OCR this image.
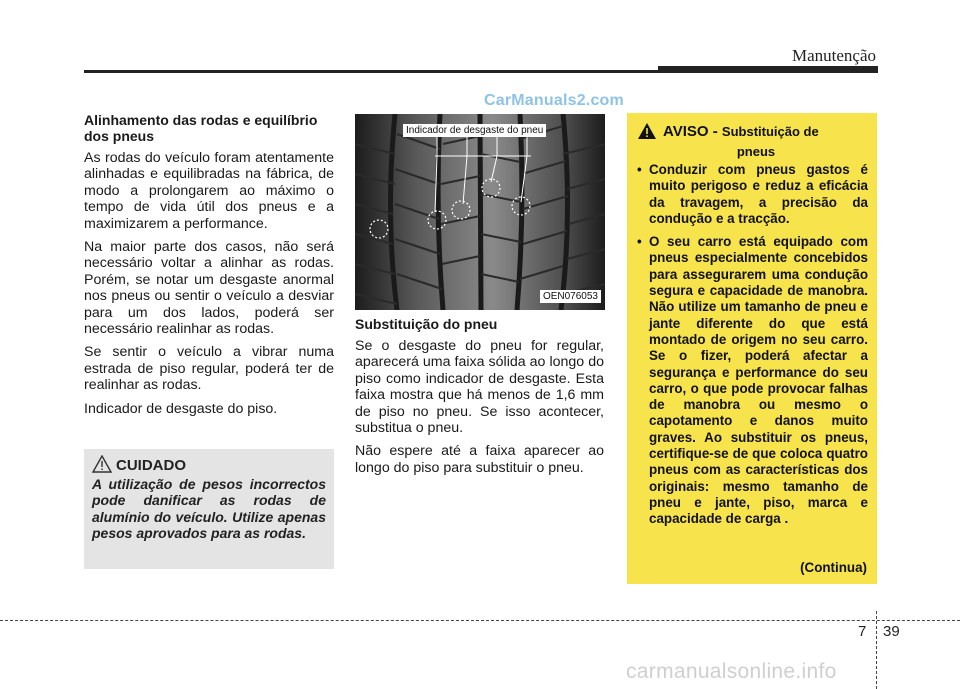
Manutenção
CarManuals2.com
Alinhamento das rodas e equilíbrio dos pneus

As rodas do veículo foram atentamente alinhadas e equilibradas na fábrica, de modo a prolongarem ao máximo o tempo de vida útil dos pneus e a maximizarem a performance.

Na maior parte dos casos, não será necessário voltar a alinhar as rodas. Porém, se notar um desgaste anormal nos pneus ou sentir o veículo a desviar para um dos lados, poderá ser necessário realinhar as rodas.

Se sentir o veículo a vibrar numa estrada de piso regular, poderá ter de realinhar as rodas.

Indicador de desgaste do piso.

CUIDADO
A utilização de pesos incorrectos pode danificar as rodas de alumínio do veículo. Utilize apenas pesos aprovados para as rodas.
Indicador de desgaste do pneu
OEN076053
Substituição do pneu

Se o desgaste do pneu for regular, aparecerá uma faixa sólida ao longo do piso como indicador de desgaste. Esta faixa mostra que há menos de 1,6 mm de piso no pneu. Se isso acontecer, substitua o pneu.

Não espere até a faixa aparecer ao longo do piso para substituir o pneu.

AVISO - Substituição de
pneus
• Conduzir com pneus gastos é muito perigoso e reduz a eficácia da travagem, a precisão da condução e a tracção.
• O seu carro está equipado com pneus especialmente concebidos para assegurarem uma condução segura e capacidade de manobra. Não utilize um tamanho de pneu e jante diferente do que está montado de origem no seu carro. Se o fizer, poderá afectar a segurança e performance do seu carro, o que pode provocar falhas de manobra ou mesmo o capotamento e danos muito graves. Ao substituir os pneus, certifique-se de que coloca quatro pneus com as características dos originais: mesmo tamanho de pneu e jante, piso, marca e capacidade de carga .
(Continua)
7 39
carmanualsonline.info
